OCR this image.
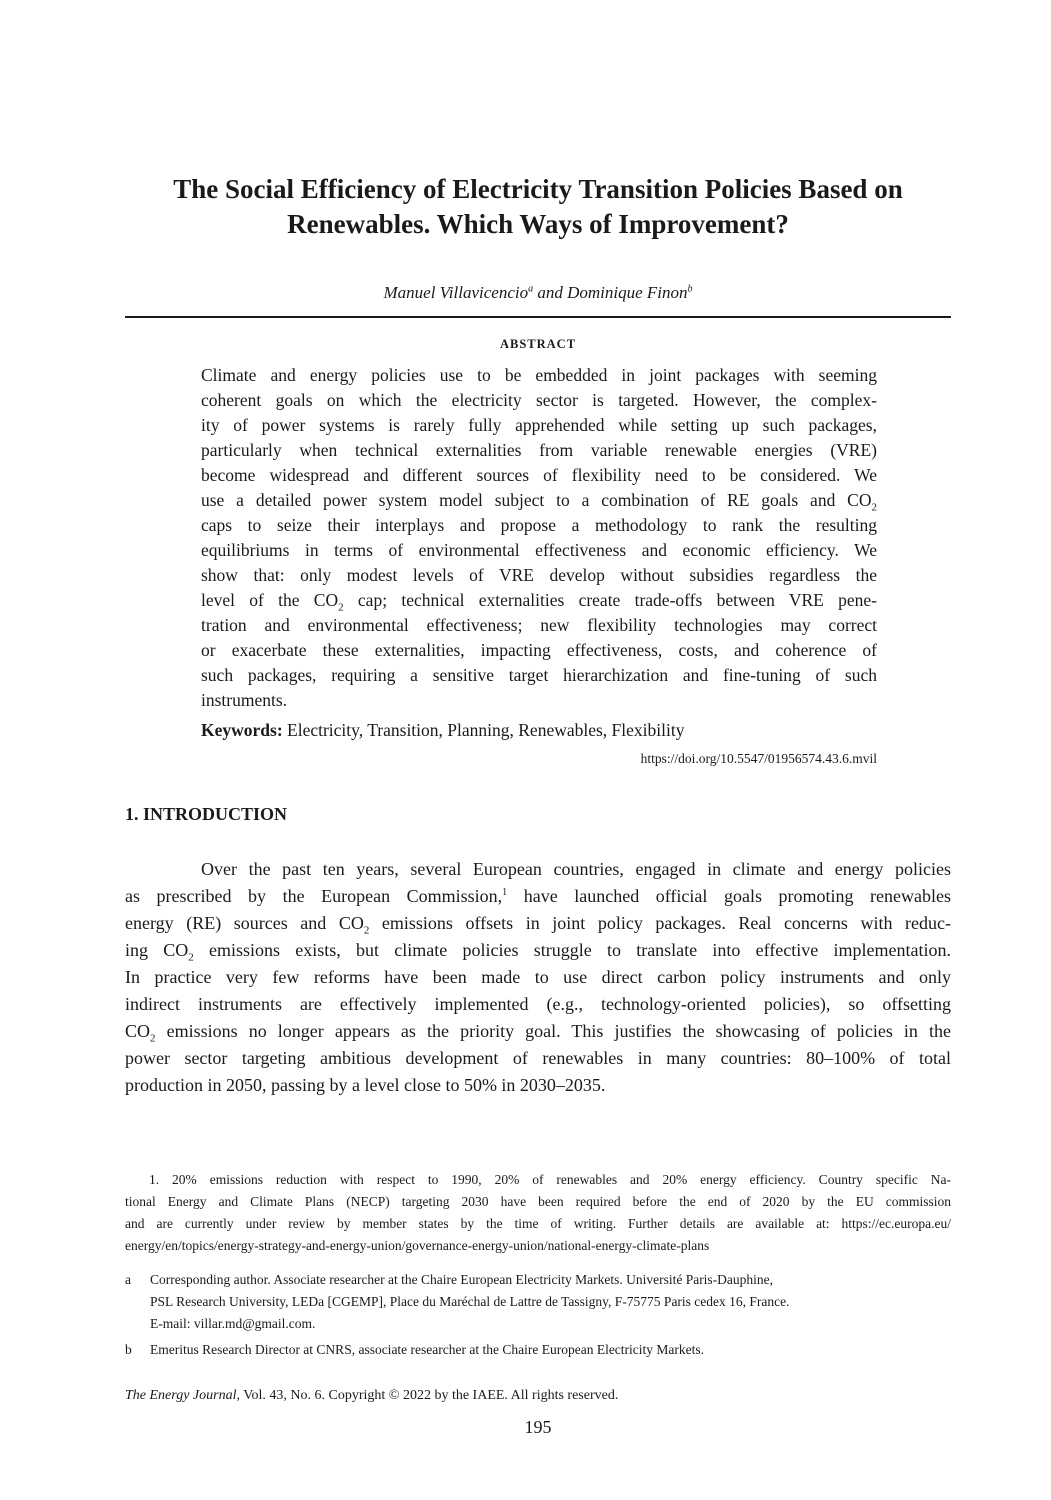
The Social Efficiency of Electricity Transition Policies Based on
Renewables. Which Ways of Improvement?
Manuel Villavicencio$^a$ and Dominique Finon$^b$
ABSTRACT
Climate and energy policies use to be embedded in joint packages with seeming
coherent goals on which the electricity sector is targeted. However, the complex-
ity of power systems is rarely fully apprehended while setting up such packages,
particularly when technical externalities from variable renewable energies (VRE)
become widespread and different sources of flexibility need to be considered. We
use a detailed power system model subject to a combination of RE goals and $CO_2$
caps to seize their interplays and propose a methodology to rank the resulting
equilibriums in terms of environmental effectiveness and economic efficiency. We
show that: only modest levels of VRE develop without subsidies regardless the
level of the $CO_2$ cap; technical externalities create trade-offs between VRE pene-
tration and environmental effectiveness; new flexibility technologies may correct
or exacerbate these externalities, impacting effectiveness, costs, and coherence of
such packages, requiring a sensitive target hierarchization and fine-tuning of such
instruments.
Keywords: Electricity, Transition, Planning, Renewables, Flexibility
https://doi.org/10.5547/01956574.43.6.mvil
1. INTRODUCTION
Over the past ten years, several European countries, engaged in climate and energy policies
as prescribed by the European Commission,$^1$ have launched official goals promoting renewables
energy (RE) sources and $CO_2$ emissions offsets in joint policy packages. Real concerns with reduc-
ing $CO_2$ emissions exists, but climate policies struggle to translate into effective implementation.
In practice very few reforms have been made to use direct carbon policy instruments and only
indirect instruments are effectively implemented (e.g., technology-oriented policies), so offsetting
$CO_2$ emissions no longer appears as the priority goal. This justifies the showcasing of policies in the
power sector targeting ambitious development of renewables in many countries: 80–100% of total
production in 2050, passing by a level close to 50% in 2030–2035.
1. 20% emissions reduction with respect to 1990, 20% of renewables and 20% energy efficiency. Country specific Na-
tional Energy and Climate Plans (NECP) targeting 2030 have been required before the end of 2020 by the EU commission
and are currently under review by member states by the time of writing. Further details are available at: https://ec.europa.eu/
energy/en/topics/energy-strategy-and-energy-union/governance-energy-union/national-energy-climate-plans
a Corresponding author. Associate researcher at the Chaire European Electricity Markets. Université Paris-Dauphine,
PSL Research University, LEDa [CGEMP], Place du Maréchal de Lattre de Tassigny, F-75775 Paris cedex 16, France.
E-mail: villar.md@gmail.com.
b Emeritus Research Director at CNRS, associate researcher at the Chaire European Electricity Markets.
The Energy Journal, Vol. 43, No. 6. Copyright © 2022 by the IAEE. All rights reserved.
195
